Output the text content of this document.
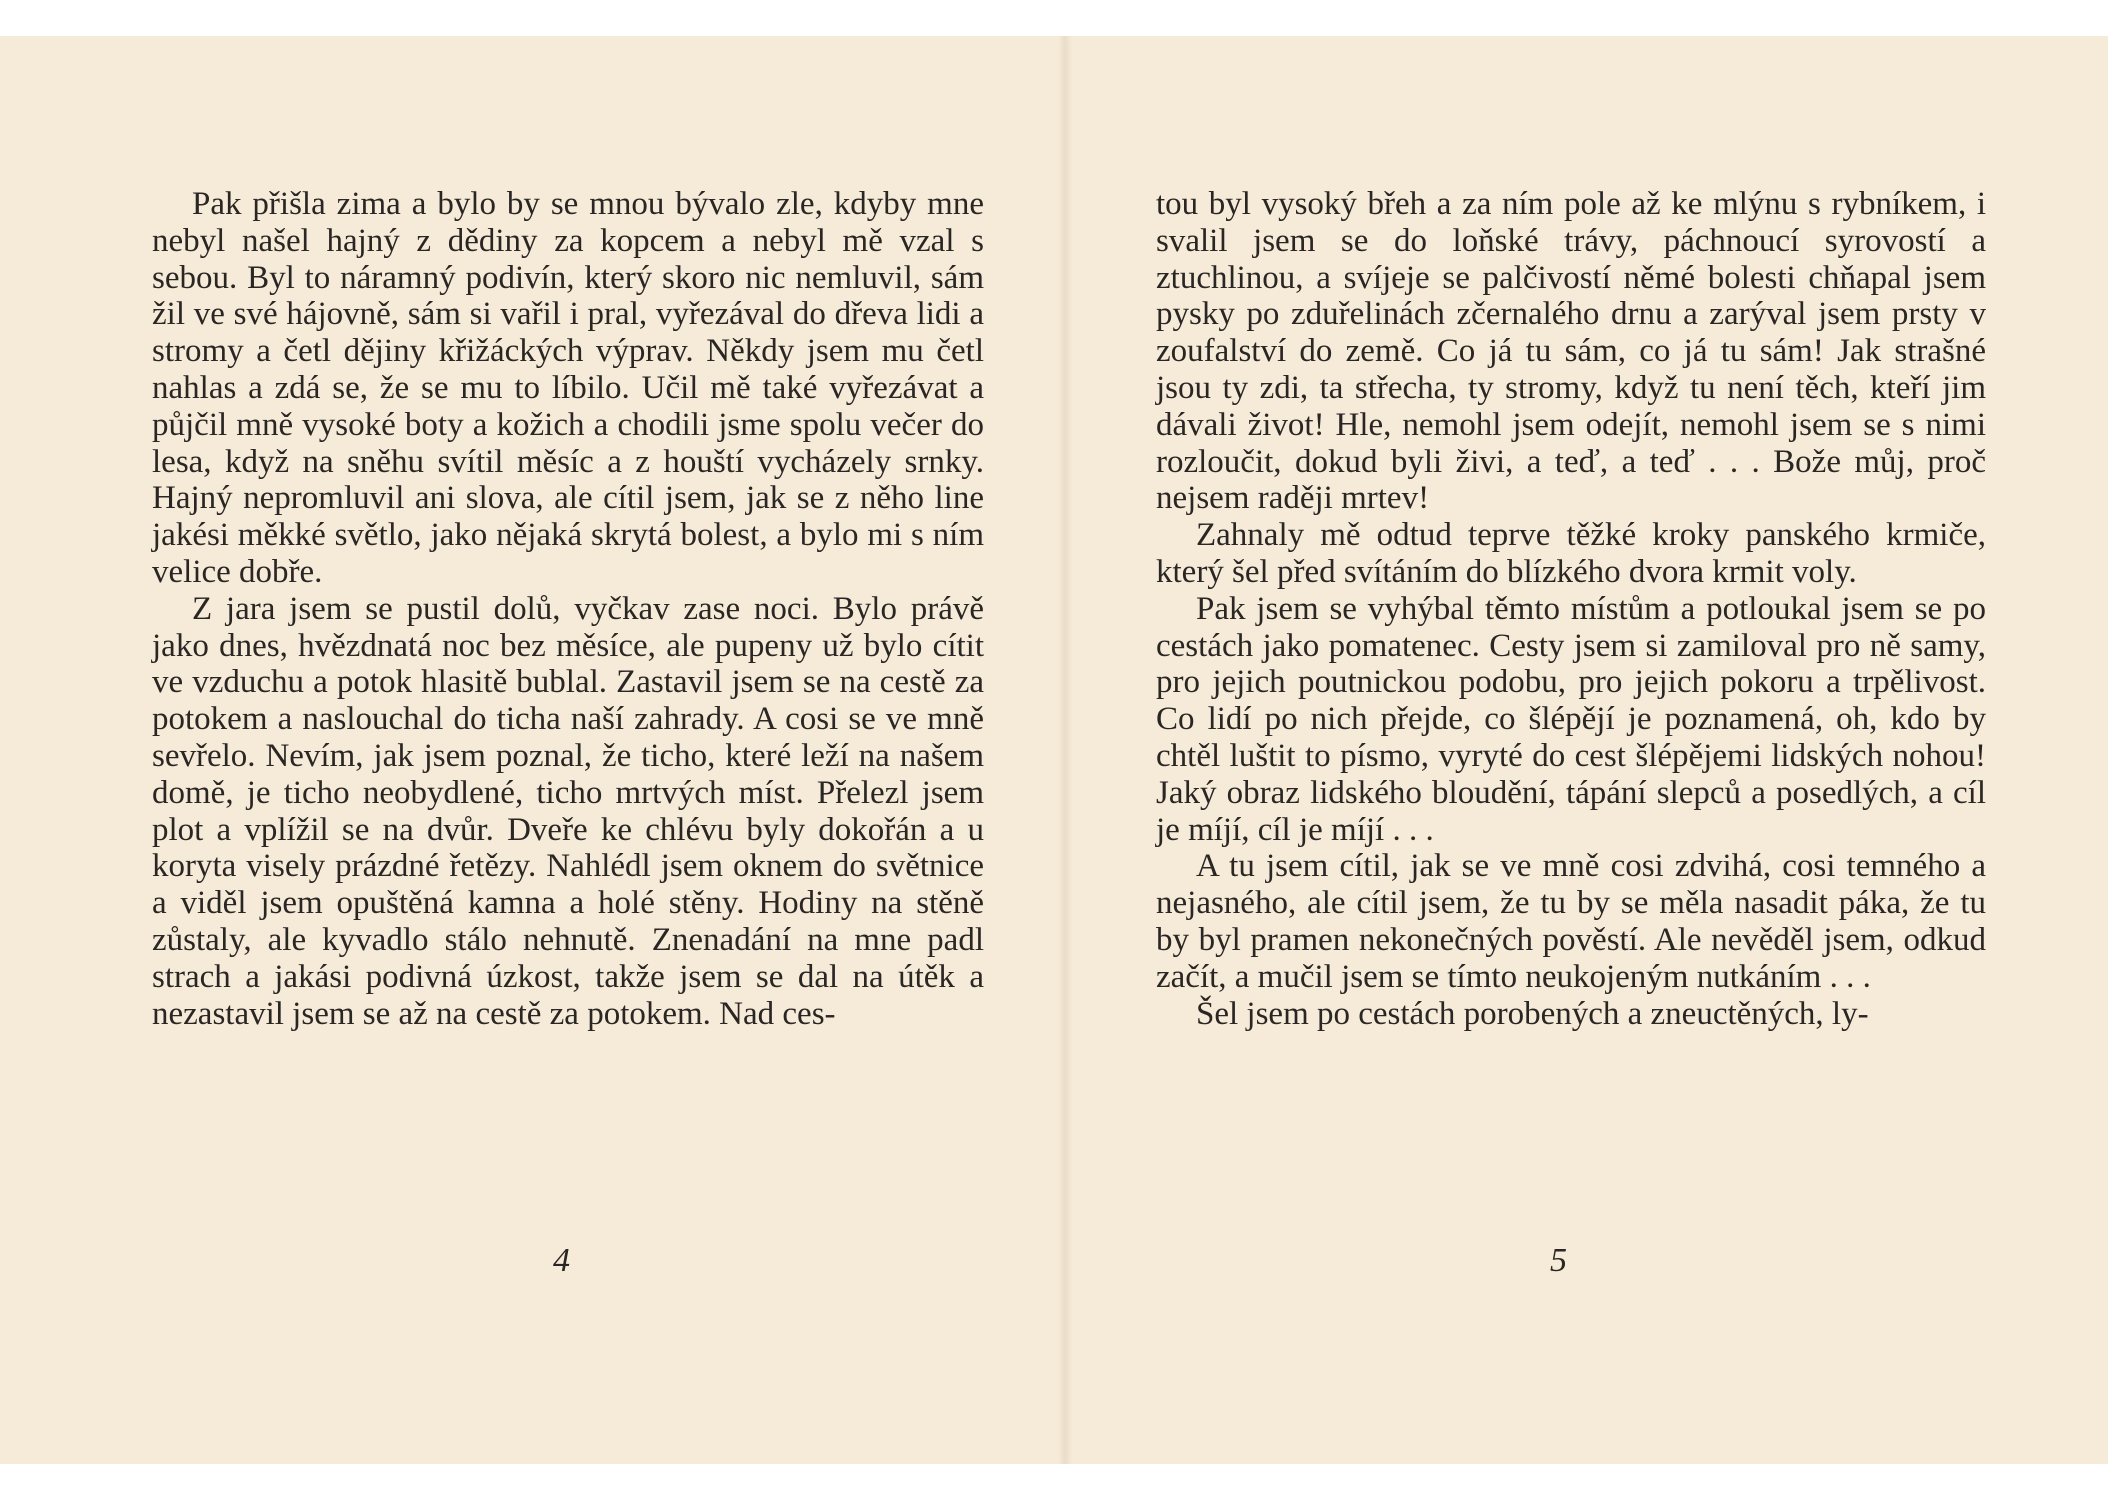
Pak přišla zima a bylo by se mnou bývalo zle, kdyby mne nebyl našel hajný z dědiny za kopcem a nebyl mě vzal s sebou. Byl to náramný podivín, který skoro nic nemluvil, sám žil ve své hájovně, sám si vařil i pral, vyřezával do dřeva lidi a stromy a četl dějiny křižáckých výprav. Někdy jsem mu četl nahlas a zdá se, že se mu to líbilo. Učil mě také vyřezávat a půjčil mně vysoké boty a kožich a chodili jsme spolu večer do lesa, když na sněhu svítil měsíc a z houští vycházely srnky. Hajný nepromluvil ani slova, ale cítil jsem, jak se z něho line jakési měkké světlo, jako nějaká skrytá bolest, a bylo mi s ním velice dobře.

Z jara jsem se pustil dolů, vyčkav zase noci. Bylo právě jako dnes, hvězdnatá noc bez měsíce, ale pupeny už bylo cítit ve vzduchu a potok hlasitě bublal. Zastavil jsem se na cestě za potokem a naslouchal do ticha naší zahrady. A cosi se ve mně sevřelo. Nevím, jak jsem poznal, že ticho, které leží na našem domě, je ticho neobydlené, ticho mrtvých míst. Přelezl jsem plot a vplížil se na dvůr. Dveře ke chlévu byly dokořán a u koryta visely prázdné řetězy. Nahlédl jsem oknem do světnice a viděl jsem opuštěná kamna a holé stěny. Hodiny na stěně zůstaly, ale kyvadlo stálo nehnutě. Znenadání na mne padl strach a jakási podivná úzkost, takže jsem se dal na útěk a nezastavil jsem se až na cestě za potokem. Nad ces-

4

tou byl vysoký břeh a za ním pole až ke mlýnu s rybníkem, i svalil jsem se do loňské trávy, páchnoucí syrovostí a ztuchlinou, a svíjeje se palčivostí němé bolesti chňapal jsem pysky po zduřelinách zčernalého drnu a zarýval jsem prsty v zoufalství do země. Co já tu sám, co já tu sám! Jak strašné jsou ty zdi, ta střecha, ty stromy, když tu není těch, kteří jim dávali život! Hle, nemohl jsem odejít, nemohl jsem se s nimi rozloučit, dokud byli živi, a teď, a teď . . . Bože můj, proč nejsem raději mrtev!

Zahnaly mě odtud teprve těžké kroky panského krmiče, který šel před svítáním do blízkého dvora krmit voly.

Pak jsem se vyhýbal těmto místům a potloukal jsem se po cestách jako pomatenec. Cesty jsem si zamiloval pro ně samy, pro jejich poutnickou podobu, pro jejich pokoru a trpělivost. Co lidí po nich přejde, co šlépějí je poznamená, oh, kdo by chtěl luštit to písmo, vyryté do cest šlépějemi lidských nohou! Jaký obraz lidského bloudění, tápání slepců a posedlých, a cíl je míjí, cíl je míjí . . .

A tu jsem cítil, jak se ve mně cosi zdvihá, cosi temného a nejasného, ale cítil jsem, že tu by se měla nasadit páka, že tu by byl pramen nekonečných pověstí. Ale nevěděl jsem, odkud začít, a mučil jsem se tímto neukojeným nutkáním . . .

Šel jsem po cestách porobených a zneuctěných, ly-

5
